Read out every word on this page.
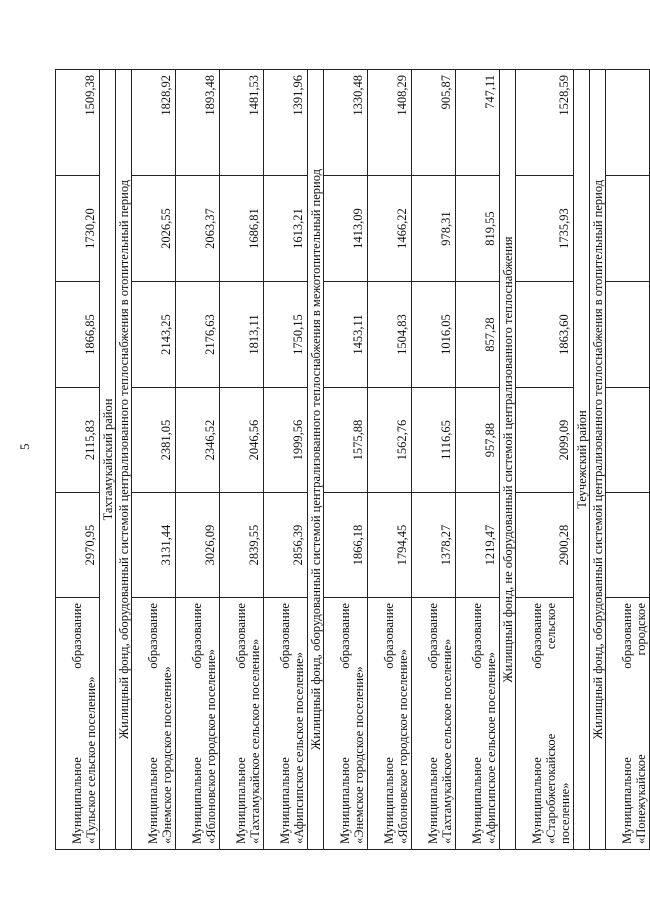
5
Муниципальное
образование
«Тульское сельское поселение»	2970,95	2115,83	1866,85	1730,20	1509,38
Тахтамукайский район					
Жилищный фонд, оборудованный системой централизованного теплоснабжения в отопительный период					

Муниципальное
образование
«Энемское городское поселение»	3131,44	2381,05	2143,25	2026,55	1828,92

Муниципальное
образование
«Яблоновское городское поселение»	3026,09	2346,52	2176,63	2063,37	1893,48

Муниципальное
образование
«Тахтамукайское сельское поселение»	2839,55	2046,56	1813,11	1686,81	1481,53

Муниципальное
образование
«Афипсипское сельское поселение»	2856,39	1999,56	1750,15	1613,21	1391,96
Жилищный фонд, оборудованный системой централизованного теплоснабжения в межотопительный период					

Муниципальное
образование
«Энемское городское поселение»	1866,18	1575,88	1453,11	1413,09	1330,48

Муниципальное
образование
«Яблоновское городское поселение»	1794,45	1562,76	1504,83	1466,22	1408,29

Муниципальное
образование
«Тахтамукайское сельское поселение»	1378,27	1116,65	1016,05	978,31	905,87

Муниципальное
образование
«Афипсипское сельское поселение»	1219,47	957,88	857,28	819,55	747,11
Жилищный фонд, не оборудованный системой централизованного теплоснабжения					

Муниципальное
образование
«Старобжегокайское
сельское
поселение»	2900,28	2099,09	1863,60	1735,93	1528,59
Теучежский район					
Жилищный фонд, оборудованный системой централизованного теплоснабжения в отопительный период					

Муниципальное
образование
«Понежукайское
городское					
